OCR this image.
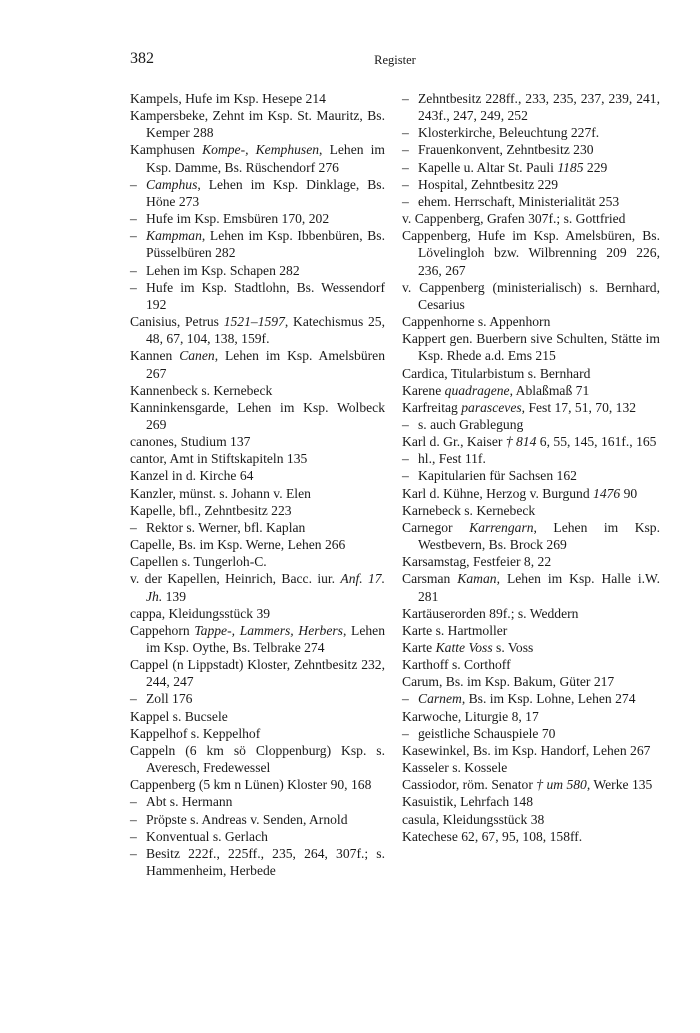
382	Register
Kampels, Hufe im Ksp. Hesepe 214
Kampersbeke, Zehnt im Ksp. St. Mauritz, Bs. Kemper 288
Kamphusen Kompe-, Kemphusen, Lehen im Ksp. Damme, Bs. Rüschendorf 276
– Camphus, Lehen im Ksp. Dinklage, Bs. Höne 273
– Hufe im Ksp. Emsbüren 170, 202
– Kampman, Lehen im Ksp. Ibbenbüren, Bs. Püsselbüren 282
– Lehen im Ksp. Schapen 282
– Hufe im Ksp. Stadtlohn, Bs. Wessendorf 192
Canisius, Petrus 1521–1597, Katechismus 25, 48, 67, 104, 138, 159f.
Kannen Canen, Lehen im Ksp. Amelsbüren 267
Kannenbeck s. Kernebeck
Kanninkensgarde, Lehen im Ksp. Wolbeck 269
canones, Studium 137
cantor, Amt in Stiftskapiteln 135
Kanzel in d. Kirche 64
Kanzler, münst. s. Johann v. Elen
Kapelle, bfl., Zehntbesitz 223
– Rektor s. Werner, bfl. Kaplan
Capelle, Bs. im Ksp. Werne, Lehen 266
Capellen s. Tungerloh-C.
v. der Kapellen, Heinrich, Bacc. iur. Anf. 17. Jh. 139
cappa, Kleidungsstück 39
Cappehorn Tappe-, Lammers, Herbers, Lehen im Ksp. Oythe, Bs. Telbrake 274
Cappel (n Lippstadt) Kloster, Zehntbesitz 232, 244, 247
– Zoll 176
Kappel s. Bucsele
Kappelhof s. Keppelhof
Cappeln (6 km sö Cloppenburg) Ksp. s. Averesch, Fredewessel
Cappenberg (5 km n Lünen) Kloster 90, 168
– Abt s. Hermann
– Pröpste s. Andreas v. Senden, Arnold
– Konventual s. Gerlach
– Besitz 222f., 225ff., 235, 264, 307f.; s. Hammenheim, Herbede
– Zehntbesitz 228ff., 233, 235, 237, 239, 241, 243f., 247, 249, 252
– Klosterkirche, Beleuchtung 227f.
– Frauenkonvent, Zehntbesitz 230
– Kapelle u. Altar St. Pauli 1185 229
– Hospital, Zehntbesitz 229
– ehem. Herrschaft, Ministerialität 253
v. Cappenberg, Grafen 307f.; s. Gottfried
Cappenberg, Hufe im Ksp. Amelsbüren, Bs. Lövelingloh bzw. Wilbrenning 209 226, 236, 267
v. Cappenberg (ministerialisch) s. Bernhard, Cesarius
Cappenhorne s. Appenhorn
Kappert gen. Buerbern sive Schulten, Stätte im Ksp. Rhede a.d. Ems 215
Cardica, Titularbistum s. Bernhard
Karene quadragene, Ablaßmaß 71
Karfreitag parasceves, Fest 17, 51, 70, 132
– s. auch Grablegung
Karl d. Gr., Kaiser † 814 6, 55, 145, 161f., 165
– hl., Fest 11f.
– Kapitularien für Sachsen 162
Karl d. Kühne, Herzog v. Burgund 1476 90
Karnebeck s. Kernebeck
Carnegor Karrengarn, Lehen im Ksp. Westbevern, Bs. Brock 269
Karsamstag, Festfeier 8, 22
Carsman Kaman, Lehen im Ksp. Halle i.W. 281
Kartäuserorden 89f.; s. Weddern
Karte s. Hartmoller
Karte Katte Voss s. Voss
Karthoff s. Corthoff
Carum, Bs. im Ksp. Bakum, Güter 217
– Carnem, Bs. im Ksp. Lohne, Lehen 274
Karwoche, Liturgie 8, 17
– geistliche Schauspiele 70
Kasewinkel, Bs. im Ksp. Handorf, Lehen 267
Kasseler s. Kossele
Cassiodor, röm. Senator † um 580, Werke 135
Kasuistik, Lehrfach 148
casula, Kleidungsstück 38
Katechese 62, 67, 95, 108, 158ff.
